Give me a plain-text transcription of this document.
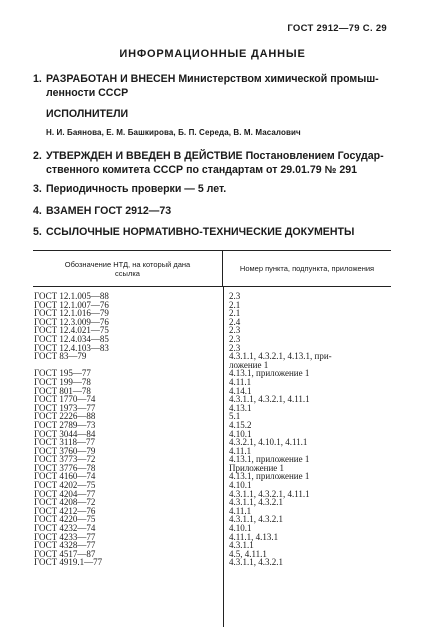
ГОСТ 2912—79 С. 29
ИНФОРМАЦИОННЫЕ ДАННЫЕ
1. РАЗРАБОТАН И ВНЕСЕН Министерством химической промыш-
ленности СССР
ИСПОЛНИТЕЛИ
Н. И. Баянова, Е. М. Башкирова, Б. П. Середа, В. М. Масалович
2. УТВЕРЖДЕН И ВВЕДЕН В ДЕЙСТВИЕ Постановлением Государ-
ственного комитета СССР по стандартам от 29.01.79 № 291
3. Периодичность проверки — 5 лет.
4. ВЗАМЕН ГОСТ 2912—73
5. ССЫЛОЧНЫЕ НОРМАТИВНО-ТЕХНИЧЕСКИЕ ДОКУМЕНТЫ
Обозначение НТД, на который дана ссылка	Номер пункта, подпункта, приложения
ГОСТ 12.1.005—88	2.3
ГОСТ 12.1.007—76	2.1
ГОСТ 12.1.016—79	2.1
ГОСТ 12.3.009—76	2.4
ГОСТ 12.4.021—75	2.3
ГОСТ 12.4.034—85	2.3
ГОСТ 12.4.103—83	2.3
ГОСТ 83—79	4.3.1.1, 4.3.2.1, 4.13.1, при-
ложение 1
ГОСТ 195—77	4.13.1, приложение 1
ГОСТ 199—78	4.11.1
ГОСТ 801—78	4.14.1
ГОСТ 1770—74	4.3.1.1, 4.3.2.1, 4.11.1
ГОСТ 1973—77	4.13.1
ГОСТ 2226—88	5.1
ГОСТ 2789—73	4.15.2
ГОСТ 3044—84	4.10.1
ГОСТ 3118—77	4.3.2.1, 4.10.1, 4.11.1
ГОСТ 3760—79	4.11.1
ГОСТ 3773—72	4.13.1, приложение 1
ГОСТ 3776—78	Приложение 1
ГОСТ 4160—74	4.13.1, приложение 1
ГОСТ 4202—75	4.10.1
ГОСТ 4204—77	4.3.1.1, 4.3.2.1, 4.11.1
ГОСТ 4208—72	4.3.1.1, 4.3.2.1
ГОСТ 4212—76	4.11.1
ГОСТ 4220—75	4.3.1.1, 4.3.2.1
ГОСТ 4232—74	4.10.1
ГОСТ 4233—77	4.11.1, 4.13.1
ГОСТ 4328—77	4.3.1.1
ГОСТ 4517—87	4.5, 4.11.1
ГОСТ 4919.1—77	4.3.1.1, 4.3.2.1
